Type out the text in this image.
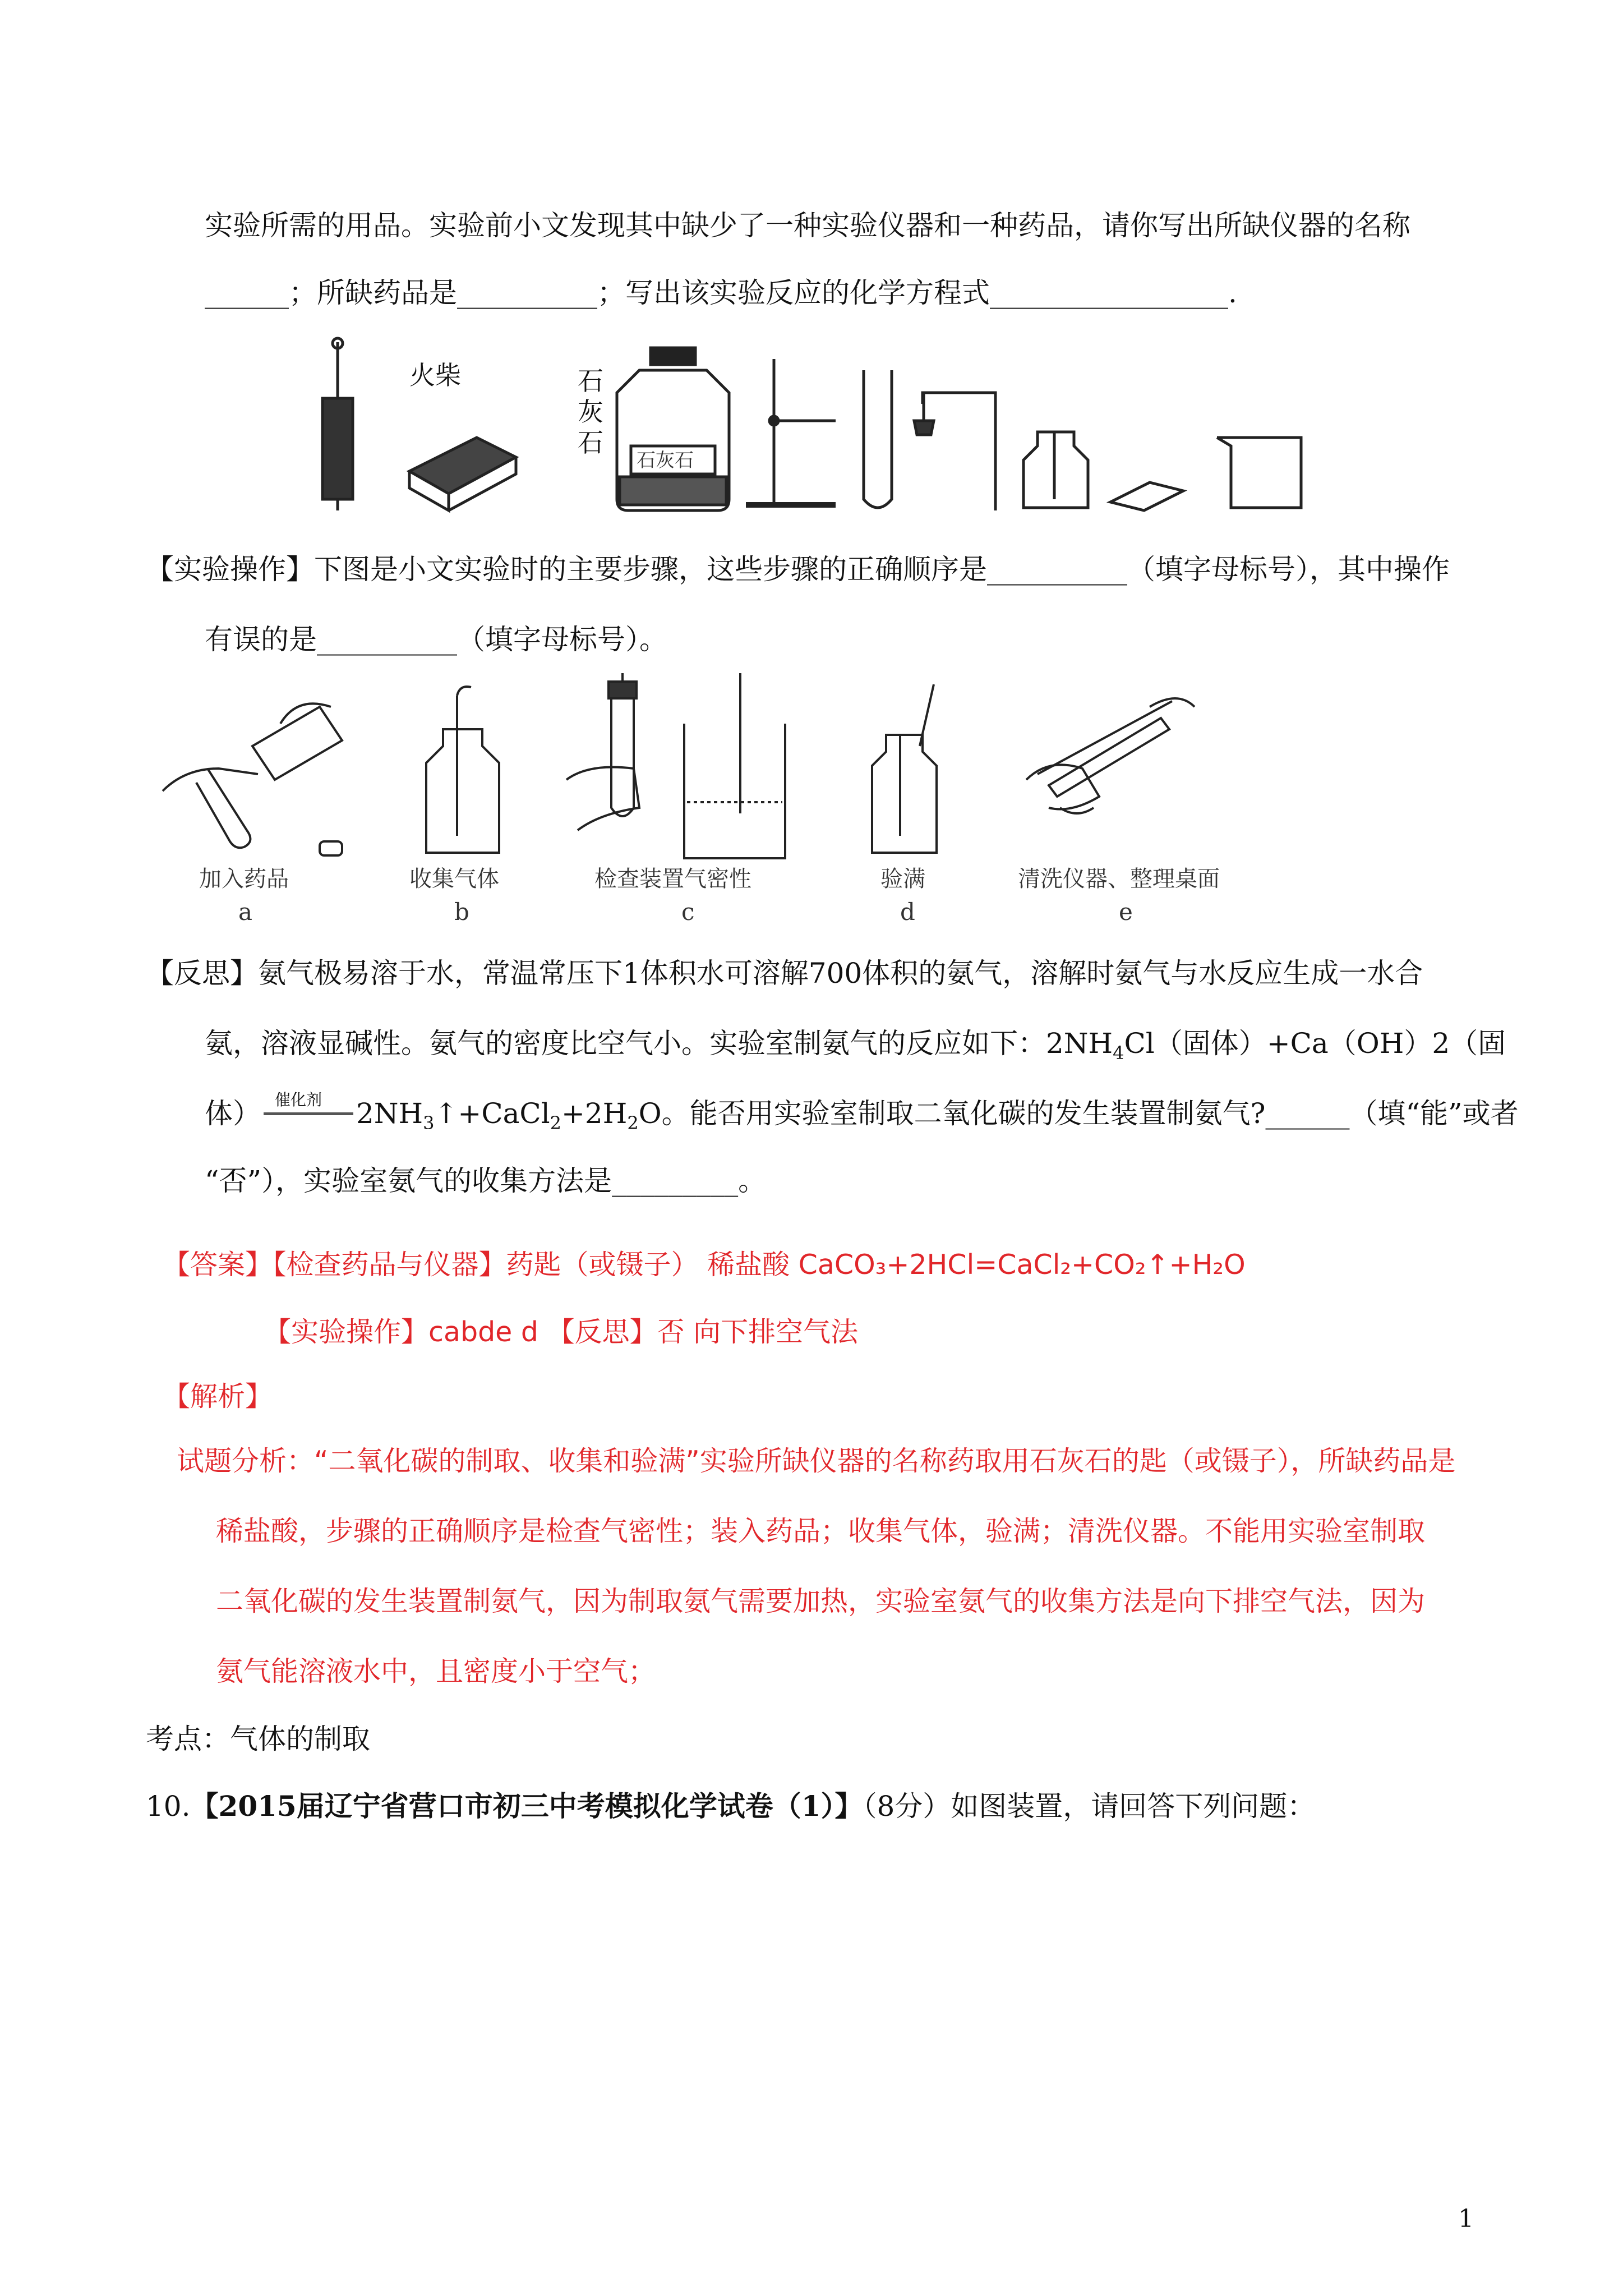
实验所需的用品。实验前小文发现其中缺少了一种实验仪器和一种药品，请你写出所缺仪器的名称
______；所缺药品是__________；写出该实验反应的化学方程式_________________.
火柴	石
灰
石
石灰石
【实验操作】下图是小文实验时的主要步骤，这些步骤的正确顺序是__________（填字母标号），其中操作
有误的是__________（填字母标号）。
加入药品
a
收集气体
b
检查装置气密性
c
验满
d
清洗仪器、整理桌面
e
【反思】氨气极易溶于水，常温常压下1体积水可溶解700体积的氨气，溶解时氨气与水反应生成一水合
氨，溶液显碱性。氨气的密度比空气小。实验室制氨气的反应如下：$2NH_4Cl$（固体）+Ca（OH）2（固
体） 催化剂 $2NH_3↑+CaCl_2+2H_2O$。能否用实验室制取二氧化碳的发生装置制氨气?______（填“能”或者
“否”），实验室氨气的收集方法是_________。
【答案】【检查药品与仪器】药匙（或镊子） 稀盐酸 CaCO₃+2HCl=CaCl₂+CO₂↑+H₂O
【实验操作】cabde d 【反思】否 向下排空气法
【解析】
试题分析：“二氧化碳的制取、收集和验满”实验所缺仪器的名称药取用石灰石的匙（或镊子），所缺药品是
稀盐酸，步骤的正确顺序是检查气密性；装入药品；收集气体，验满；清洗仪器。不能用实验室制取
二氧化碳的发生装置制氨气，因为制取氨气需要加热，实验室氨气的收集方法是向下排空气法，因为
氨气能溶液水中，且密度小于空气；
考点：气体的制取
10.【2015届辽宁省营口市初三中考模拟化学试卷（1）】（8分）如图装置，请回答下列问题：
1
